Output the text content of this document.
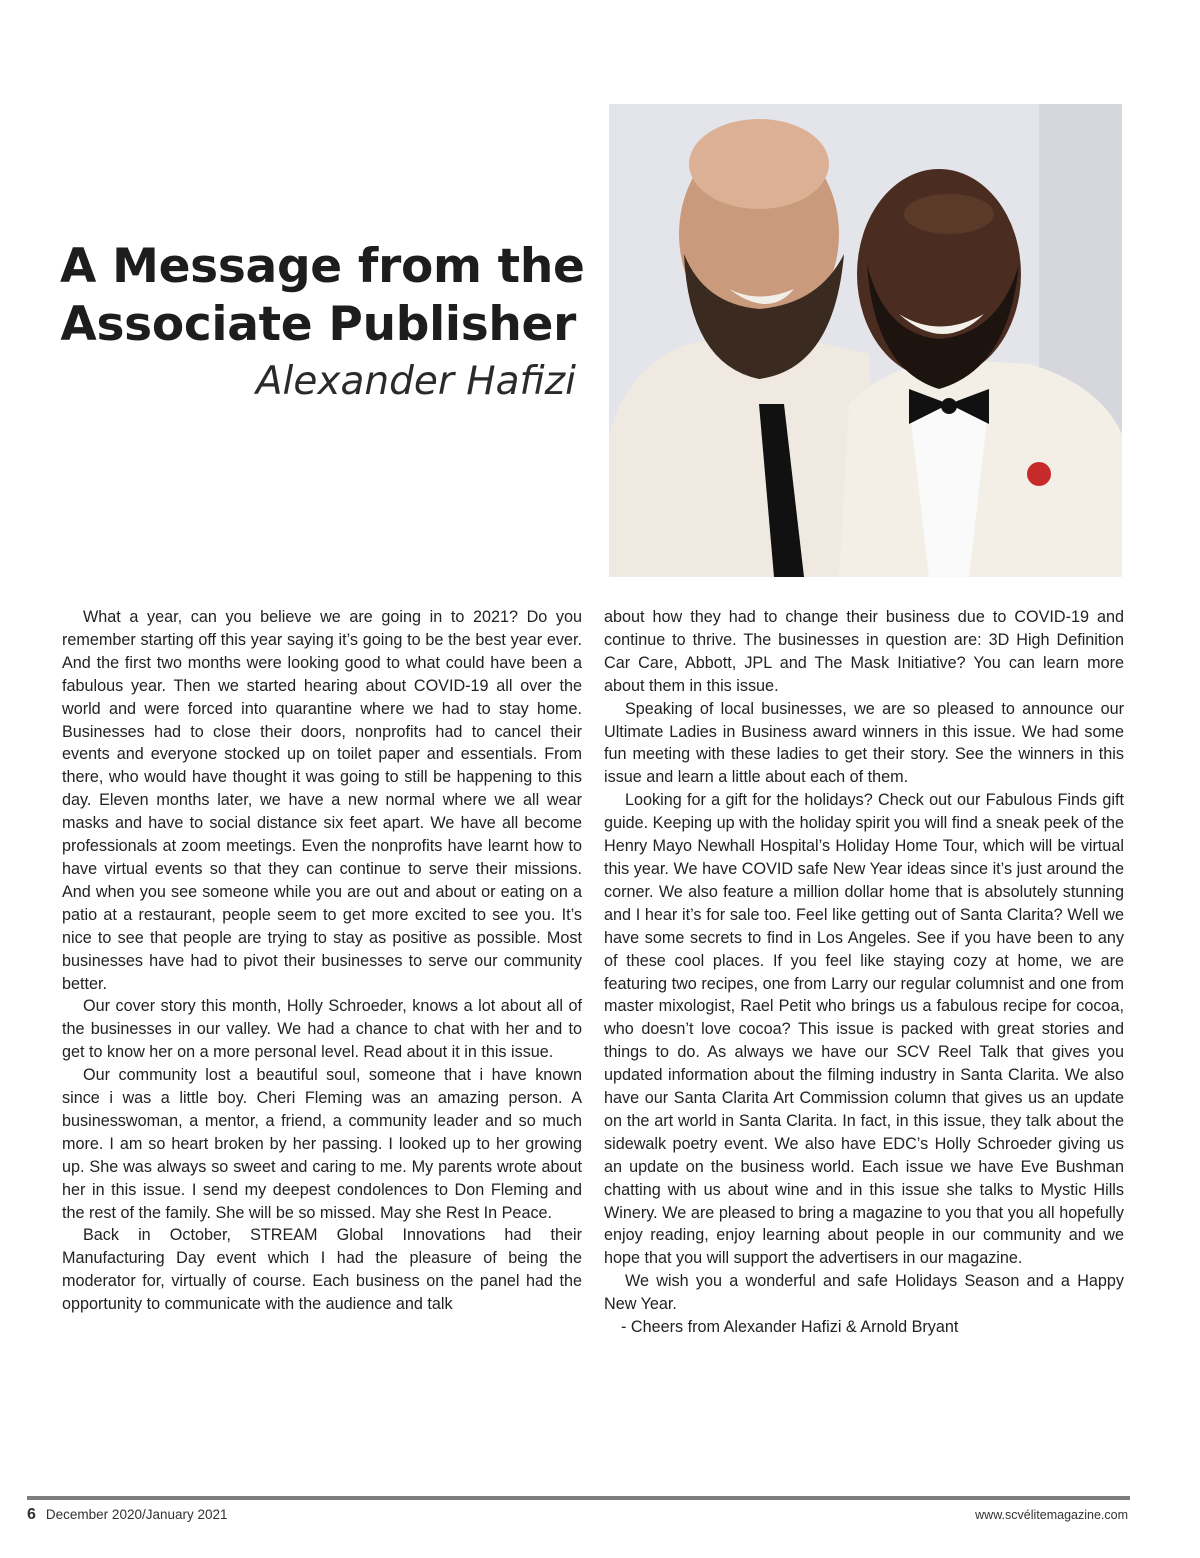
A Message from the
Associate Publisher
Alexander Hafizi

What a year, can you believe we are going in to 2021? Do you remember starting off this year saying it’s going to be the best year ever. And the first two months were looking good to what could have been a fabulous year. Then we started hearing about COVID-19 all over the world and were forced into quarantine where we had to stay home. Businesses had to close their doors, nonprofits had to cancel their events and everyone stocked up on toilet paper and essentials. From there, who would have thought it was going to still be happening to this day. Eleven months later, we have a new normal where we all wear masks and have to social distance six feet apart. We have all become professionals at zoom meetings. Even the nonprofits have learnt how to have virtual events so that they can continue to serve their missions. And when you see someone while you are out and about or eating on a patio at a restaurant, people seem to get more excited to see you. It’s nice to see that people are trying to stay as positive as possible. Most businesses have had to pivot their businesses to serve our community better.

Our cover story this month, Holly Schroeder, knows a lot about all of the businesses in our valley. We had a chance to chat with her and to get to know her on a more personal level. Read about it in this issue.

Our community lost a beautiful soul, someone that i have known since i was a little boy. Cheri Fleming was an amazing person. A businesswoman, a mentor, a friend, a community leader and so much more. I am so heart broken by her passing. I looked up to her growing up. She was always so sweet and caring to me. My parents wrote about her in this issue. I send my deepest condolences to Don Fleming and the rest of the family. She will be so missed. May she Rest In Peace.

Back in October, STREAM Global Innovations had their Manufacturing Day event which I had the pleasure of being the moderator for, virtually of course. Each business on the panel had the opportunity to communicate with the audience and talk

about how they had to change their business due to COVID-19 and continue to thrive. The businesses in question are: 3D High Definition Car Care, Abbott, JPL and The Mask Initiative? You can learn more about them in this issue.

Speaking of local businesses, we are so pleased to announce our Ultimate Ladies in Business award winners in this issue. We had some fun meeting with these ladies to get their story. See the winners in this issue and learn a little about each of them.

Looking for a gift for the holidays? Check out our Fabulous Finds gift guide. Keeping up with the holiday spirit you will find a sneak peek of the Henry Mayo Newhall Hospital’s Holiday Home Tour, which will be virtual this year. We have COVID safe New Year ideas since it’s just around the corner. We also feature a million dollar home that is absolutely stunning and I hear it’s for sale too. Feel like getting out of Santa Clarita? Well we have some secrets to find in Los Angeles. See if you have been to any of these cool places. If you feel like staying cozy at home, we are featuring two recipes, one from Larry our regular columnist and one from master mixologist, Rael Petit who brings us a fabulous recipe for cocoa, who doesn’t love cocoa? This issue is packed with great stories and things to do. As always we have our SCV Reel Talk that gives you updated information about the filming industry in Santa Clarita. We also have our Santa Clarita Art Commission column that gives us an update on the art world in Santa Clarita. In fact, in this issue, they talk about the sidewalk poetry event. We also have EDC’s Holly Schroeder giving us an update on the business world. Each issue we have Eve Bushman chatting with us about wine and in this issue she talks to Mystic Hills Winery. We are pleased to bring a magazine to you that you all hopefully enjoy reading, enjoy learning about people in our community and we hope that you will support the advertisers in our magazine.

We wish you a wonderful and safe Holidays Season and a Happy New Year.

- Cheers from Alexander Hafizi & Arnold Bryant

6 December 2020/January 2021	www.scvélitemagazine.com
